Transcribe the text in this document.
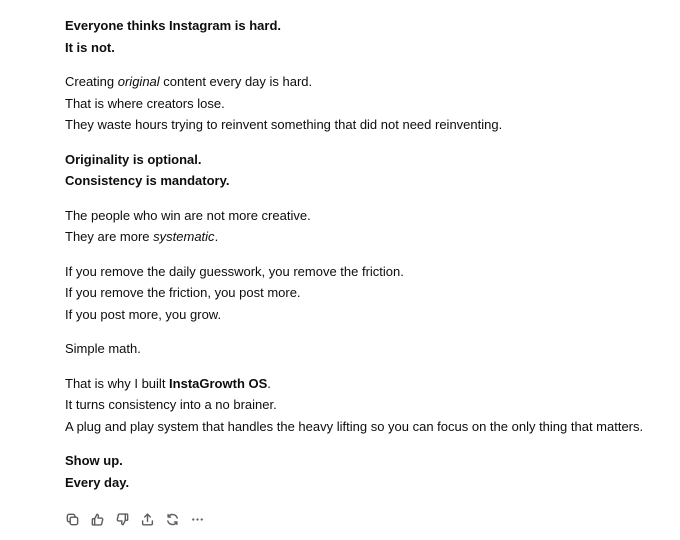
Everyone thinks Instagram is hard.
It is not.

Creating original content every day is hard.
That is where creators lose.
They waste hours trying to reinvent something that did not need reinventing.

Originality is optional.
Consistency is mandatory.

The people who win are not more creative.
They are more systematic.

If you remove the daily guesswork, you remove the friction.
If you remove the friction, you post more.
If you post more, you grow.

Simple math.

That is why I built InstaGrowth OS.
It turns consistency into a no brainer.
A plug and play system that handles the heavy lifting so you can focus on the only thing that matters.

Show up.
Every day.
